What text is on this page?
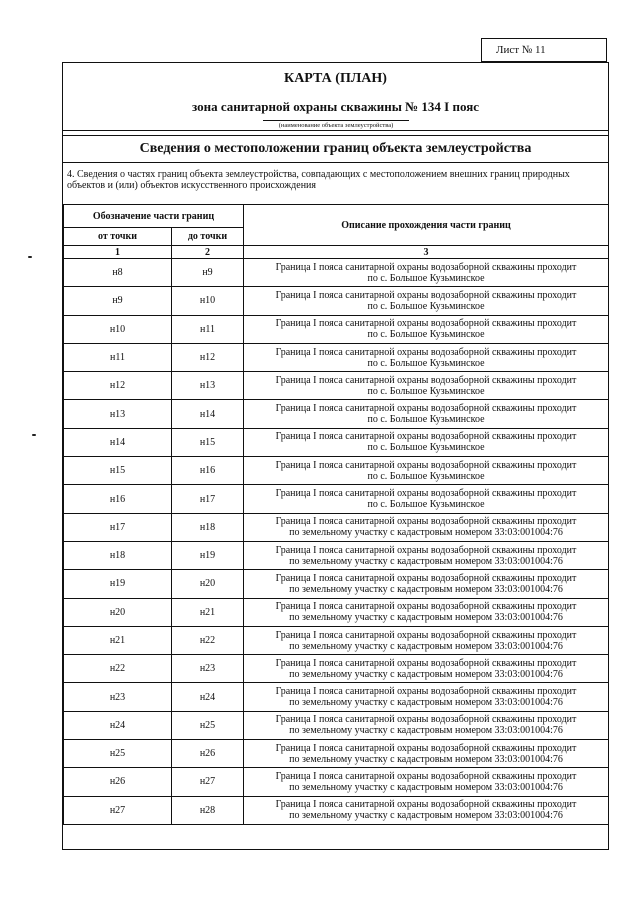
Лист № 11
КАРТА (ПЛАН)
зона санитарной охраны скважины № 134 I пояс
(наименование объекта землеустройства)
Сведения о местоположении границ объекта землеустройства
4. Сведения о частях границ объекта землеустройства, совпадающих с местоположением внешних границ природных объектов и (или) объектов искусственного происхождения
Обозначение части границ		Описание прохождения части границ
от точки	до точки	
1	2	3
н8	н9	Граница I пояса санитарной охраны водозаборной скважины проходит
по с. Большое Кузьминское

н9	н10	Граница I пояса санитарной охраны водозаборной скважины проходит
по с. Большое Кузьминское

н10	н11	Граница I пояса санитарной охраны водозаборной скважины проходит
по с. Большое Кузьминское

н11	н12	Граница I пояса санитарной охраны водозаборной скважины проходит
по с. Большое Кузьминское

н12	н13	Граница I пояса санитарной охраны водозаборной скважины проходит
по с. Большое Кузьминское

н13	н14	Граница I пояса санитарной охраны водозаборной скважины проходит
по с. Большое Кузьминское

н14	н15	Граница I пояса санитарной охраны водозаборной скважины проходит
по с. Большое Кузьминское

н15	н16	Граница I пояса санитарной охраны водозаборной скважины проходит
по с. Большое Кузьминское

н16	н17	Граница I пояса санитарной охраны водозаборной скважины проходит
по с. Большое Кузьминское

н17	н18	Граница I пояса санитарной охраны водозаборной скважины проходит
по земельному участку с кадастровым номером 33:03:001004:76

н18	н19	Граница I пояса санитарной охраны водозаборной скважины проходит
по земельному участку с кадастровым номером 33:03:001004:76

н19	н20	Граница I пояса санитарной охраны водозаборной скважины проходит
по земельному участку с кадастровым номером 33:03:001004:76

н20	н21	Граница I пояса санитарной охраны водозаборной скважины проходит
по земельному участку с кадастровым номером 33:03:001004:76

н21	н22	Граница I пояса санитарной охраны водозаборной скважины проходит
по земельному участку с кадастровым номером 33:03:001004:76

н22	н23	Граница I пояса санитарной охраны водозаборной скважины проходит
по земельному участку с кадастровым номером 33:03:001004:76

н23	н24	Граница I пояса санитарной охраны водозаборной скважины проходит
по земельному участку с кадастровым номером 33:03:001004:76

н24	н25	Граница I пояса санитарной охраны водозаборной скважины проходит
по земельному участку с кадастровым номером 33:03:001004:76

н25	н26	Граница I пояса санитарной охраны водозаборной скважины проходит
по земельному участку с кадастровым номером 33:03:001004:76

н26	н27	Граница I пояса санитарной охраны водозаборной скважины проходит
по земельному участку с кадастровым номером 33:03:001004:76

н27	н28	Граница I пояса санитарной охраны водозаборной скважины проходит
по земельному участку с кадастровым номером 33:03:001004:76
